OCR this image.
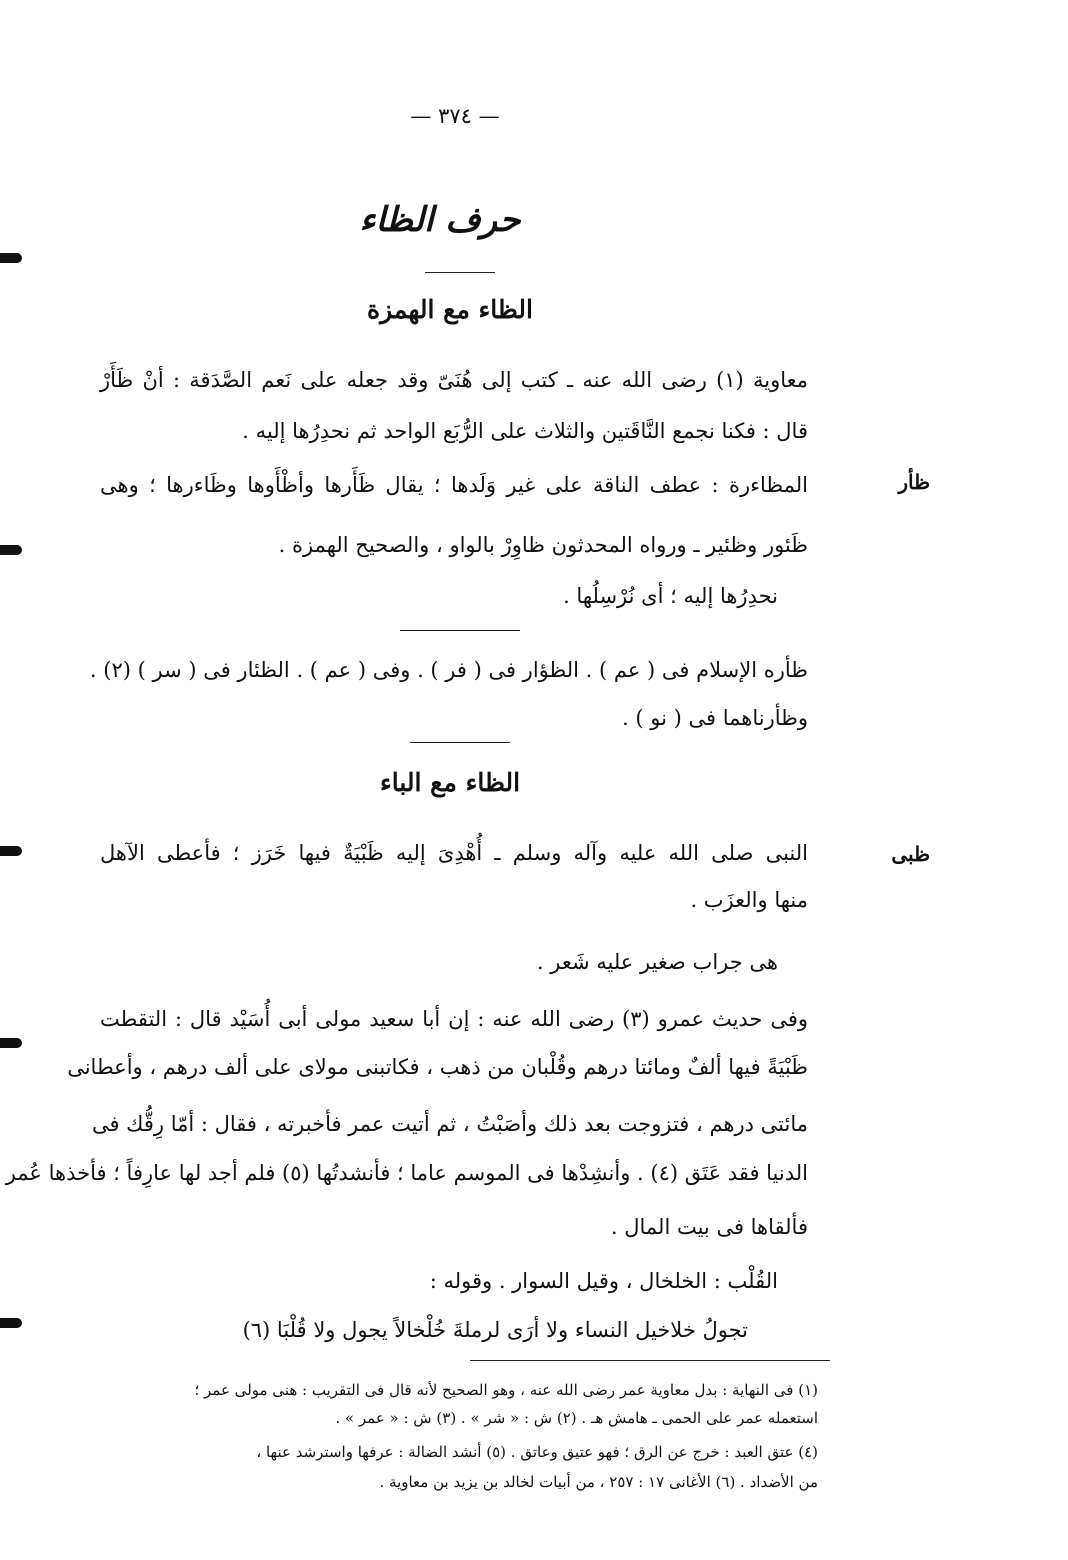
— ٣٧٤ —
حرف الظاء
الظاء مع الهمزة
معاوية (١) رضى الله عنه ـ كتب إلى هُنَىّ وقد جعله على نَعم الصَّدَقة : أنْ ظَأَرْ
قال : فكنا نجمع النَّاقَتين والثلاث على الرُّبَع الواحد ثم نحدِرُها إليه .
ظأر
المظاءرة : عطف الناقة على غير وَلَدها ؛ يقال ظَأَرها وأظْأَوها وظَاءرها ؛ وهى
ظَئور وظئير ـ ورواه المحدثون ظاوِرْ بالواو ، والصحيح الهمزة .
نحدِرُها إليه ؛ أى نُرْسِلُها .
ظأره الإسلام فى ( عم ) . الظؤار فى ( فر ) . وفى ( عم ) . الظئار فى ( سر ) (٢) .
وظأرناهما فى ( نو ) .
الظاء مع الباء
ظبى
النبى صلى الله عليه وآله وسلم ـ أُهْدِىَ إليه ظَبْيَةٌ فيها خَرَز ؛ فأعطى الآهل
منها والعزَب .
هى جراب صغير عليه شَعر .
وفى حديث عمرو (٣) رضى الله عنه : إن أبا سعيد مولى أبى أُسَيْد قال : التقطت
ظَبْيَةً فيها ألفٌ ومائتا درهم وقُلْبان من ذهب ، فكاتبنى مولاى على ألف درهم ، وأعطانى
مائتى درهم ، فتزوجت بعد ذلك وأصَبْتُ ، ثم أتيت عمر فأخبرته ، فقال : أمّا رِقُّك فى
الدنيا فقد عَتَق (٤) . وأنشِدْها فى الموسم عاما ؛ فأنشدتُها (٥) فلم أجد لها عارِفاً ؛ فأخذها عُمر
فألقاها فى بيت المال .
القُلْب : الخلخال ، وقيل السوار . وقوله :
تجولُ خلاخيل النساء ولا أرَى لرملةَ خُلْخالاً يجول ولا قُلْبَا (٦)
(١) فى النهاية : بدل معاوية عمر رضى الله عنه ، وهو الصحيح لأنه قال فى التقريب : هنى مولى عمر ؛
استعمله عمر على الحمى ـ هامش هـ . (٢) ش : « شر » . (٣) ش : « عمر » .
(٤) عتق العبد : خرج عن الرق ؛ فهو عتيق وعاتق . (٥) أنشد الضالة : عرفها واسترشد عنها ،
من الأضداد . (٦) الأغانى ١٧ : ٢٥٧ ، من أبيات لخالد بن يزيد بن معاوية .
